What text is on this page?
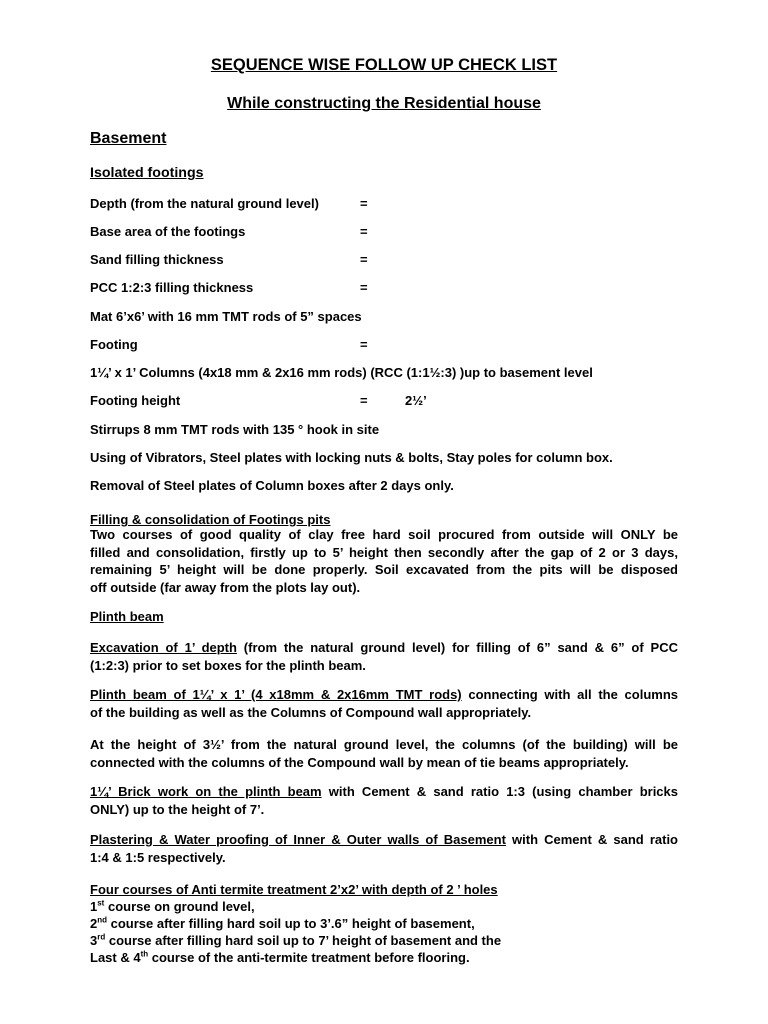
SEQUENCE WISE FOLLOW UP CHECK LIST
While constructing the Residential house
Basement
Isolated footings
Depth (from the natural ground level)	=
Base area of the footings	=
Sand filling thickness	=
PCC 1:2:3 filling thickness	=
Mat 6’x6’ with 16 mm TMT rods of 5” spaces
Footing	=
1¼’ x 1’ Columns (4x18 mm & 2x16 mm rods) (RCC (1:1½:3) )up to basement level
Footing height	=	2½’
Stirrups 8 mm TMT rods with 135 ° hook in site
Using of Vibrators, Steel plates with locking nuts & bolts, Stay poles for column box.
Removal of Steel plates of Column boxes after 2 days only.
Filling & consolidation of Footings pits
Two courses of good quality of clay free hard soil procured from outside will ONLY be
filled and consolidation, firstly up to 5’ height then secondly after the gap of 2 or 3 days,
remaining 5’ height will be done properly. Soil excavated from the pits will be disposed
off outside (far away from the plots lay out).
Plinth beam
Excavation of 1’ depth (from the natural ground level) for filling of 6” sand & 6” of PCC
(1:2:3) prior to set boxes for the plinth beam.
Plinth beam of 1¼’ x 1’ (4 x18mm & 2x16mm TMT rods) connecting with all the columns
of the building as well as the Columns of Compound wall appropriately.
At the height of 3½’ from the natural ground level, the columns (of the building) will be
connected with the columns of the Compound wall by mean of tie beams appropriately.
1¼’ Brick work on the plinth beam with Cement & sand ratio 1:3 (using chamber bricks
ONLY) up to the height of 7’.
Plastering & Water proofing of Inner & Outer walls of Basement with Cement & sand ratio
1:4 & 1:5 respectively.
Four courses of Anti termite treatment 2’x2’ with depth of 2 ’ holes
1st course on ground level,
2nd course after filling hard soil up to 3’.6” height of basement,
3rd course after filling hard soil up to 7’ height of basement and the
Last & 4th course of the anti-termite treatment before flooring.
